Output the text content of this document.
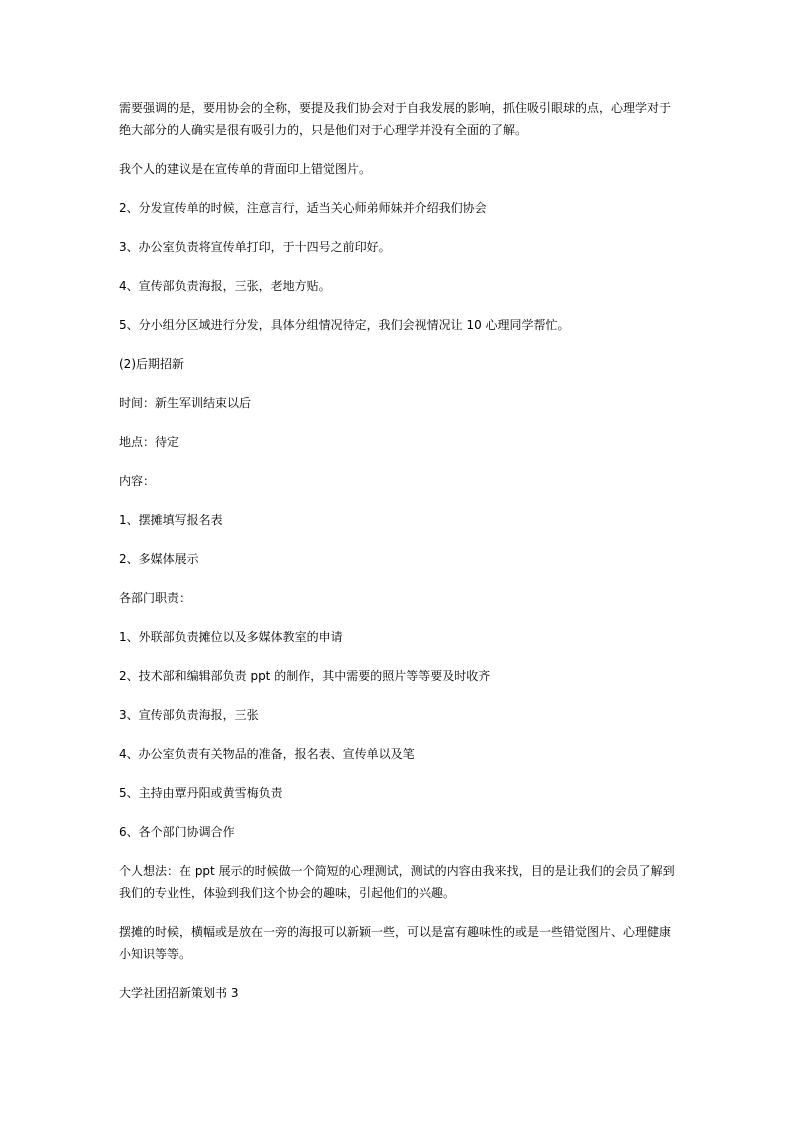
需要强调的是，要用协会的全称，要提及我们协会对于自我发展的影响，抓住吸引眼球的点，心理学对于绝大部分的人确实是很有吸引力的，只是他们对于心理学并没有全面的了解。

我个人的建议是在宣传单的背面印上错觉图片。

2、分发宣传单的时候，注意言行，适当关心师弟师妹并介绍我们协会

3、办公室负责将宣传单打印，于十四号之前印好。

4、宣传部负责海报，三张，老地方贴。

5、分小组分区域进行分发，具体分组情况待定，我们会视情况让 10 心理同学帮忙。

(2)后期招新

时间：新生军训结束以后

地点：待定

内容：

1、摆摊填写报名表

2、多媒体展示

各部门职责：

1、外联部负责摊位以及多媒体教室的申请

2、技术部和编辑部负责 ppt 的制作，其中需要的照片等等要及时收齐

3、宣传部负责海报，三张

4、办公室负责有关物品的准备，报名表、宣传单以及笔

5、主持由覃丹阳或黄雪梅负责

6、各个部门协调合作

个人想法：在 ppt 展示的时候做一个简短的心理测试，测试的内容由我来找，目的是让我们的会员了解到我们的专业性，体验到我们这个协会的趣味，引起他们的兴趣。

摆摊的时候，横幅或是放在一旁的海报可以新颖一些，可以是富有趣味性的或是一些错觉图片、心理健康小知识等等。

大学社团招新策划书 3
